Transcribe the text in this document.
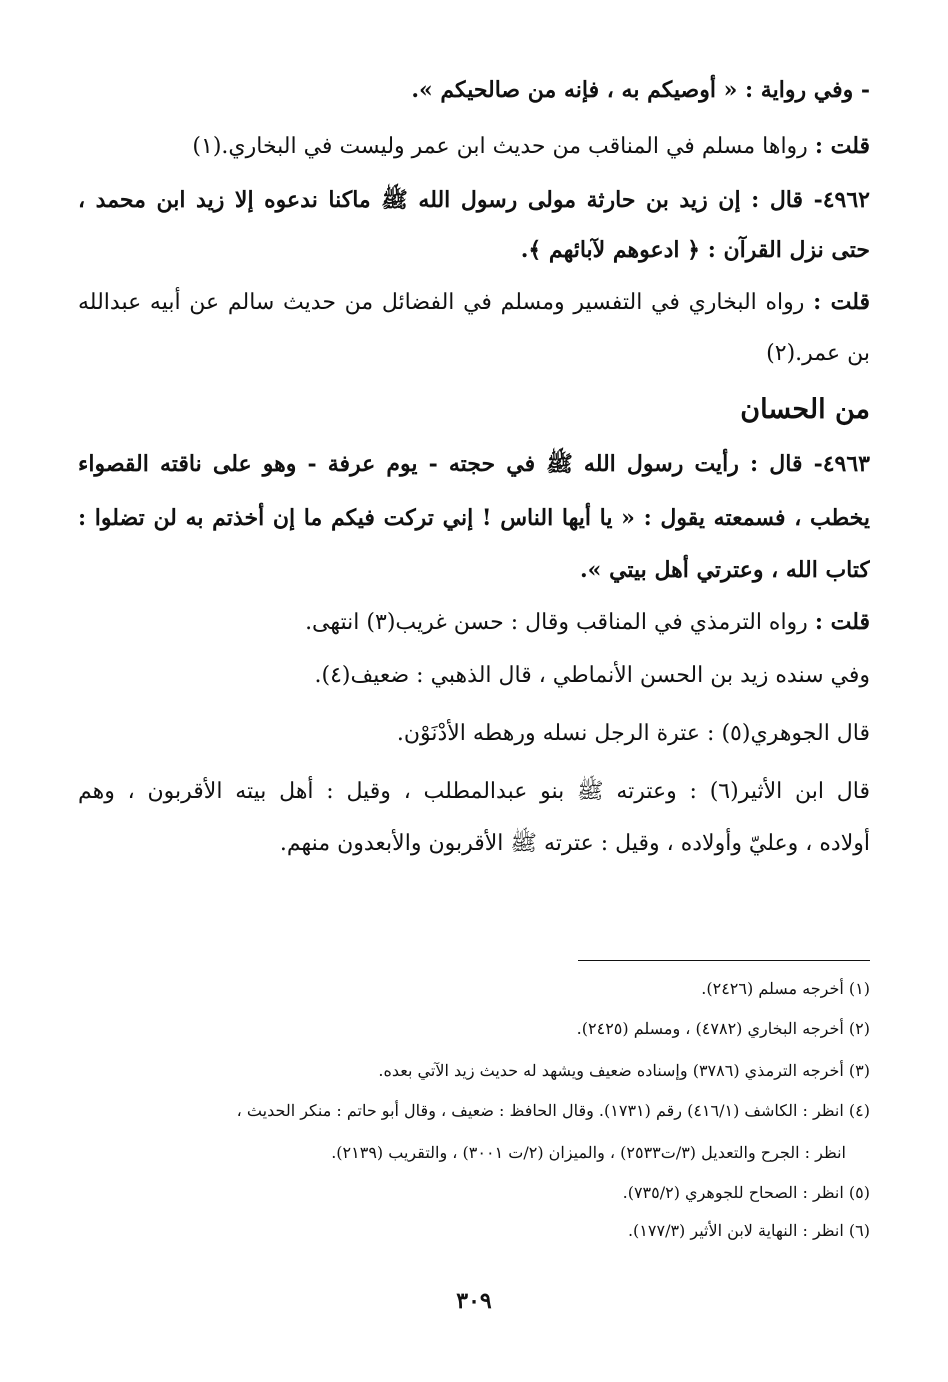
- وفي رواية : « أوصيكم به ، فإنه من صالحيكم ».
قلت : رواها مسلم في المناقب من حديث ابن عمر وليست في البخاري.(١)
٤٩٦٢- قال : إن زيد بن حارثة مولى رسول الله ﷺ ماكنا ندعوه إلا زيد ابن محمد ،
حتى نزل القرآن : ﴿ ادعوهم لآبائهم ﴾.
قلت : رواه البخاري في التفسير ومسلم في الفضائل من حديث سالم عن أبيه عبدالله
بن عمر.(٢)
من الحسان
٤٩٦٣- قال : رأيت رسول الله ﷺ في حجته - يوم عرفة - وهو على ناقته القصواء
يخطب ، فسمعته يقول : « يا أيها الناس ! إني تركت فيكم ما إن أخذتم به لن تضلوا :
كتاب الله ، وعترتي أهل بيتي ».
قلت : رواه الترمذي في المناقب وقال : حسن غريب(٣) انتهى.
وفي سنده زيد بن الحسن الأنماطي ، قال الذهبي : ضعيف(٤).
قال الجوهري(٥) : عترة الرجل نسله ورهطه الأدْنَوْن.
قال ابن الأثير(٦) : وعترته ﷺ بنو عبدالمطلب ، وقيل : أهل بيته الأقربون ، وهم
أولاده ، وعليّ وأولاده ، وقيل : عترته ﷺ الأقربون والأبعدون منهم.
(١) أخرجه مسلم (٢٤٢٦).
(٢) أخرجه البخاري (٤٧٨٢) ، ومسلم (٢٤٢٥).
(٣) أخرجه الترمذي (٣٧٨٦) وإسناده ضعيف ويشهد له حديث زيد الآتي بعده.
(٤) انظر : الكاشف (٤١٦/١) رقم (١٧٣١). وقال الحافظ : ضعيف ، وقال أبو حاتم : منكر الحديث ،
انظر : الجرح والتعديل (٣/ت٢٥٣٣) ، والميزان (٢/ت ٣٠٠١) ، والتقريب (٢١٣٩).
(٥) انظر : الصحاح للجوهري (٧٣٥/٢).
(٦) انظر : النهاية لابن الأثير (١٧٧/٣).
٣٠٩
